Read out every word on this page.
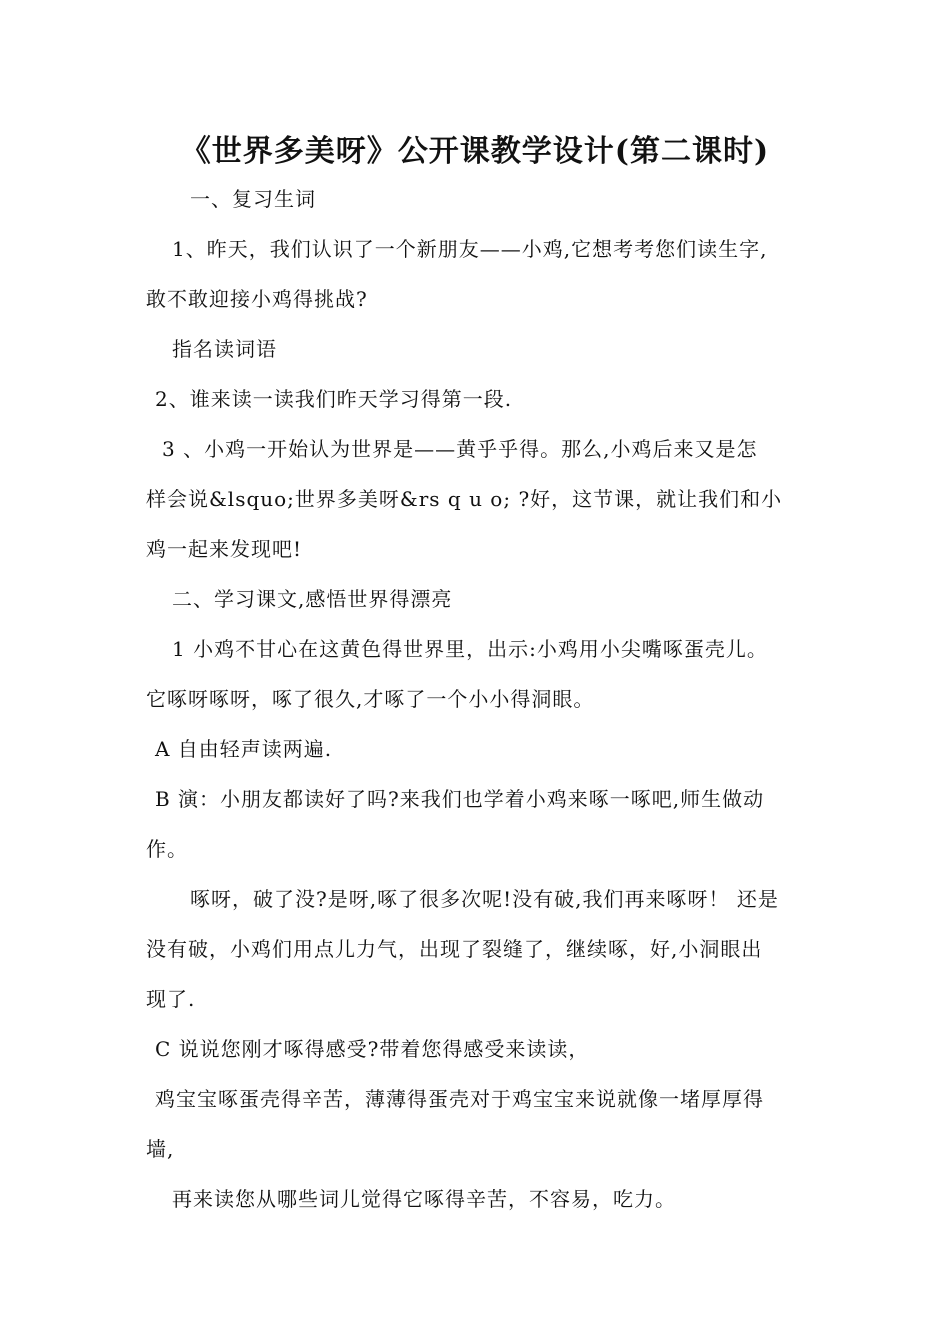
《世界多美呀》公开课教学设计(第二课时)
一、复习生词
1、昨天，我们认识了一个新朋友——小鸡,它想考考您们读生字,
敢不敢迎接小鸡得挑战?
指名读词语
2、谁来读一读我们昨天学习得第一段.
3 、小鸡一开始认为世界是——黄乎乎得。那么,小鸡后来又是怎
样会说&lsquo;世界多美呀&rs q u o; ?好，这节课，就让我们和小
鸡一起来发现吧!
二、学习课文,感悟世界得漂亮
1 小鸡不甘心在这黄色得世界里，出示:小鸡用小尖嘴啄蛋壳儿。
它啄呀啄呀，啄了很久,才啄了一个小小得洞眼。
A 自由轻声读两遍.
B 演：小朋友都读好了吗?来我们也学着小鸡来啄一啄吧,师生做动
作。
啄呀，破了没?是呀,啄了很多次呢!没有破,我们再来啄呀！ 还是
没有破，小鸡们用点儿力气，出现了裂缝了，继续啄，好,小洞眼出
现了.
C 说说您刚才啄得感受?带着您得感受来读读，
鸡宝宝啄蛋壳得辛苦，薄薄得蛋壳对于鸡宝宝来说就像一堵厚厚得
墙,
再来读您从哪些词儿觉得它啄得辛苦，不容易，吃力。
